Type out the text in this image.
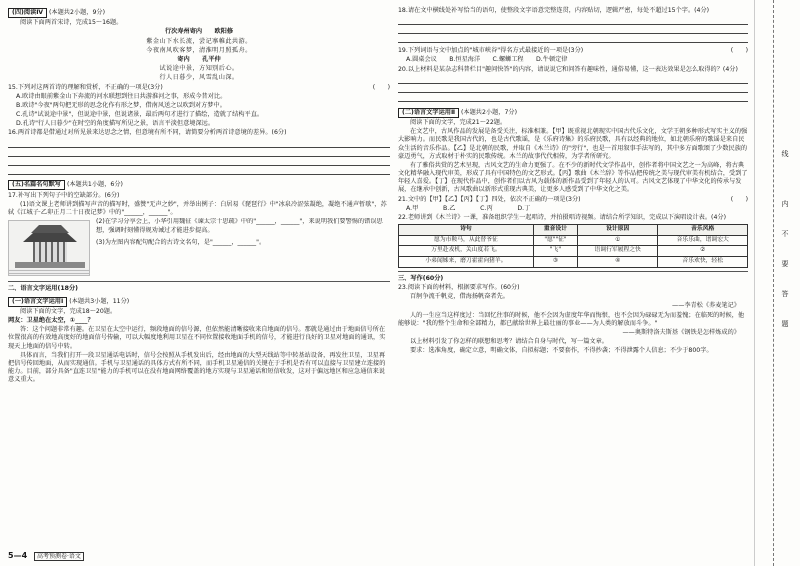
(四)阅读Ⅳ (本题共2小题，9分)

阅读下面两首宋诗，完成15～16题。

行次寿州寄内　　 欧阳修

紫金山下水长流，尝记搴帷此共游。

今夜南风吹客梦，清淮明月照孤舟。

寄内　　 孔平仲

试说途中景，方知别后心。

行人日暮少，风雪乱山深。

15.下列对这两首诗的理解和赏析，不正确的一项是(3分)	(　　)

A.欧诗由眼前紫金山下奔流的河水联想到往日共游淮河之事，形成今昔对比。

B.欧诗"今夜"两句把无形的思念化作有形之梦，借南风送之以吹到对方梦中。

C.孔诗"试说途中景"，但说途中景，但说诸景，最后两句才进行了描绘，造就了结构平直。

D.孔诗"行人日暮少"在时空的角度描写所见之景，语言平淡但意境深远。

16.两首诗都是借通过对所见景来达思念之情，但意境有所不同，请简要分析两首诗意境的差异。(6分)

(五)名篇名句默写 (本题共1小题，6分)

17.补写出下列句子中的空缺部分。(6分)

(1)语文课上老师讲到描写声音的描写时，盛赞"无声之妙"，并举出例子：白居易《琵琶行》中"冰泉冷涩弦凝绝，凝绝不通声暂歇"，苏轼《江城子·乙卯正月二十日夜记梦》中的"______，______"。

(2)在学习分享会上，小华引用魏征《谏太宗十思疏》中的"______，______"，来说明我们要警惕的错误思想，强调时刻懂得规劝诫过才能进步提高。

(3)为左图内容配句配合的古诗文名句，是"______，______"。

二、语言文字运用(18分)

(一)语言文字运用Ⅰ (本题共3小题，11分)

阅读下面的文字，完成18～20题。

网友：卫星绝在太空，①____？

答：这个问题非常有趣。在卫星在太空中运行，频段地面的信号源，但依然能清晰接收来自地面的信号。那就是通过由于地面信号所在位置很高的有效地高度好的地面信号传输，可以大幅度地利用卫星在不同位置接收地面手机的信号，才能进行良好的卫星对地面的通讯，实现天上地面的信号中转。

具体而言，当我们打开一段卫星通话电话时，信号会按照从手机发出后，经由地面的大型天线站等中转基站设备，再发往卫星，卫星再把信号传回地面，从而实现通信。手机与卫星通话的具体方式有所不同，而手机卫星通信的关键在于手机是否有可以直接与卫星建立连接的能力。目前，部分具备"直连卫星"能力的手机可以在没有地面网络覆盖的地方实现与卫星通话和短信收发，这对于偏远地区和应急通信来说意义重大。

18.请在文中横线处补写恰当的语句，使整段文字语意完整连贯，内容贴切，逻辑严密，每处不超过15个字。(4分)

19.下列词语与文中加点的"城市峡谷"得名方式最接近的一项是(3分)	(　　)

A.圆桌会议　　B.恒星海洋　　C.螺蛳工程　　D.牛顿定律

20.以上材料是某杂志科普栏目"趣问快答"的内容，请说说它和问答有趣味性，通俗易懂，这一表达效果是怎么取得的？(4分)

(二)语言文字运用Ⅱ (本题共2小题，7分)

阅读下面的文字，完成21～22题。

在文艺中，古风作品的发展是备受关注，标准相兼。【甲】既重视北朝现实中国古代乐文化，文学王朝多种形式写实主义的强大影响力。而民歌是我国古代的，也是古代歌谣，是《乐府诗集》的乐府民歌，具有以经典的地位，如北朝乐府的歌谣是来自民众生活的音乐作品。【乙】是北朝的民歌，并取自《木兰诗》的"旁行"，也是一首用叙事手法写的，其中多方面歌颂了少数民族的豪迈勇气，方式取材于朴实的民歌传统。木兰的故事代代相传，为学者所研究。

有了雅俗共赏的艺术呈现，古风文艺的生命力更强了。在不少的新时代文学作品中，创作者将中国文艺之一为高峰，将古典文化精华融入现代审美，形成了具有中国特色的文艺形式。【丙】歌曲《木兰辞》等作品把传统之美与现代审美有机结合，受到了年轻人喜爱。【丁】在现代作品中，创作者们以古风为载体的新作品受到了年轻人的认可。古风文艺体现了中华文化的传承与发展，在继承中创新，古风歌曲以新形式重现古典美，让更多人感受到了中华文化之美。

21.文中的【甲】【乙】【丙】【丁】四处，依次不正确的一项是(3分)	(　　)

A.甲　　　　B.乙　　　　C.丙　　　　D.丁

22.老师讲到《木兰诗》一课，准备组织学生一起唱诗，并拍摄唱诗视频。请结合所学知识，完成以下演唱设计表。(4分)

诗句	重音设计	设计原因	音乐风格
愿为市鞍马，从此替爷征	"愿""征"	①	音乐乐曲，谱调宏大
万里赴戎机，关山度若飞。	"飞"	语调行军履程之快	②
小弟闻姊来，磨刀霍霍向猪羊。	③	④	音乐欢快，轻松

三、写作(60分)

23.阅读下面的材料，根据要求写作。(60分)

百舸争流千帆竞，借海扬帆奋者先。

——李青松《荞麦笔记》

人的一生应当这样度过：当回忆往事的时候，他不会因为虚度年华而悔恨，也不会因为碌碌无为而羞愧；在临死的时候，他能够说："我的整个生命和全部精力，都已献给世界上最壮丽的事业——为人类的解放而斗争。"

——奥斯特洛夫斯基《钢铁是怎样炼成的》

以上材料引发了你怎样的联想和思考？请结合自身与时代，写一篇文章。

要求：选准角度，确定立意，明确文体，自拟标题；不要套作，不得抄袭；不得泄露个人信息；不少于800字。

线
内
不
要
答
题
5—4 高考预测卷·语文
